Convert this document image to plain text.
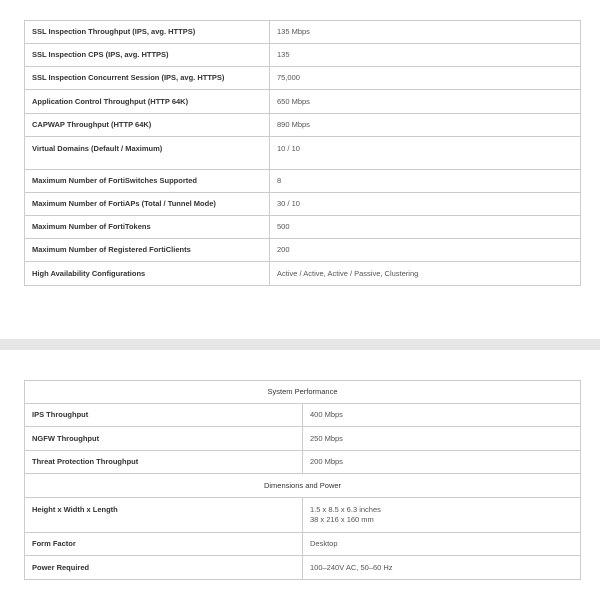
SSL Inspection Throughput (IPS, avg. HTTPS)	135 Mbps
SSL Inspection CPS (IPS, avg. HTTPS)	135
SSL Inspection Concurrent Session (IPS, avg. HTTPS)	75,000
Application Control Throughput (HTTP 64K)	650 Mbps
CAPWAP Throughput (HTTP 64K)	890 Mbps
Virtual Domains (Default / Maximum)	10 / 10
Maximum Number of FortiSwitches Supported	8
Maximum Number of FortiAPs (Total / Tunnel Mode)	30 / 10
Maximum Number of FortiTokens	500
Maximum Number of Registered FortiClients	200
High Availability Configurations	Active / Active, Active / Passive, Clustering
System Performance	
IPS Throughput	400 Mbps
NGFW Throughput	250 Mbps
Threat Protection Throughput	200 Mbps
Dimensions and Power	
Height x Width x Length	1.5 x 8.5 x 6.3 inches
38 x 216 x 160 mm

Form Factor	Desktop
Power Required	100–240V AC, 50–60 Hz
